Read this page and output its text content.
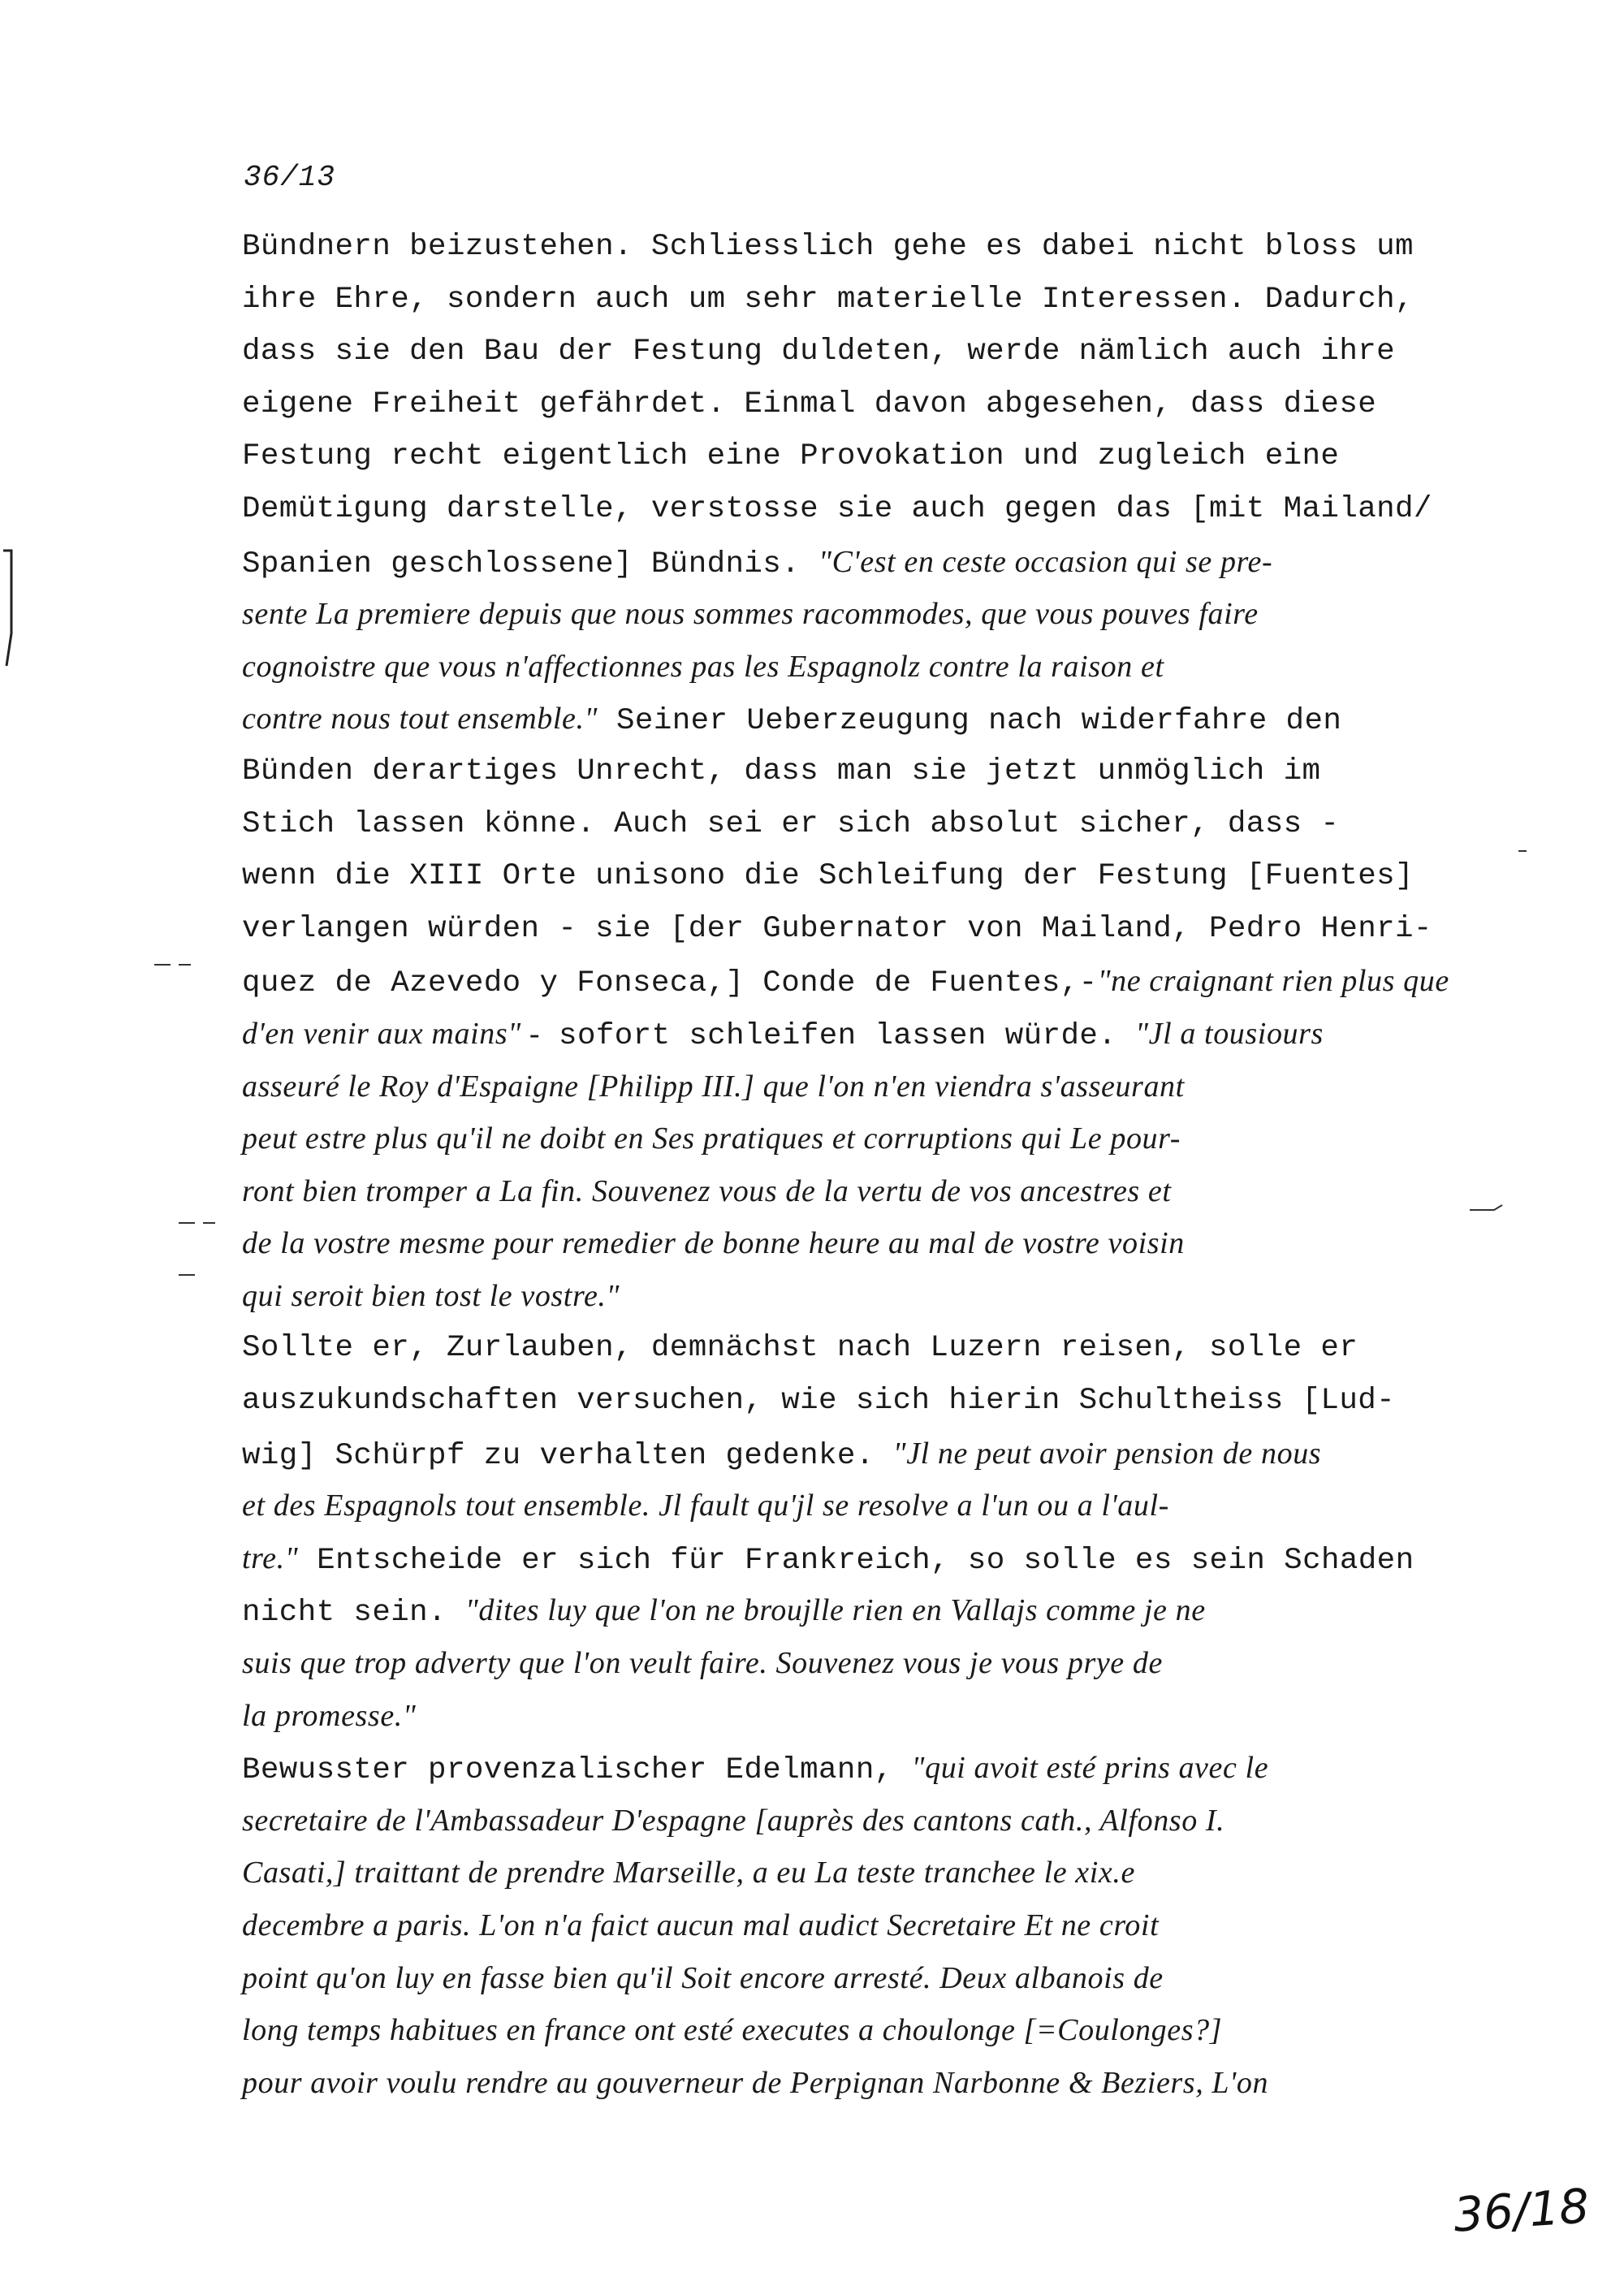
36/13
Bündnern beizustehen. Schliesslich gehe es dabei nicht bloss um
ihre Ehre, sondern auch um sehr materielle Interessen. Dadurch,
dass sie den Bau der Festung duldeten, werde nämlich auch ihre
eigene Freiheit gefährdet. Einmal davon abgesehen, dass diese
Festung recht eigentlich eine Provokation und zugleich eine
Demütigung darstelle, verstosse sie auch gegen das [mit Mailand/
Spanien geschlossene] Bündnis. "C'est en ceste occasion qui se pre-
sente La premiere depuis que nous sommes racommodes, que vous pouves faire
cognoistre que vous n'affectionnes pas les Espagnolz contre la raison et
contre nous tout ensemble." Seiner Ueberzeugung nach widerfahre den
Bünden derartiges Unrecht, dass man sie jetzt unmöglich im
Stich lassen könne. Auch sei er sich absolut sicher, dass -
wenn die XIII Orte unisono die Schleifung der Festung [Fuentes]
verlangen würden - sie [der Gubernator von Mailand, Pedro Henri-
quez de Azevedo y Fonseca,] Conde de Fuentes,-"ne craignant rien plus que
d'en venir aux mains" - sofort schleifen lassen würde. "Jl a tousiours
asseuré le Roy d'Espaigne [Philipp III.] que l'on n'en viendra s'asseurant
peut estre plus qu'il ne doibt en Ses pratiques et corruptions qui Le pour-
ront bien tromper a La fin. Souvenez vous de la vertu de vos ancestres et
de la vostre mesme pour remedier de bonne heure au mal de vostre voisin
qui seroit bien tost le vostre."
Sollte er, Zurlauben, demnächst nach Luzern reisen, solle er
auszukundschaften versuchen, wie sich hierin Schultheiss [Lud-
wig] Schürpf zu verhalten gedenke. "Jl ne peut avoir pension de nous
et des Espagnols tout ensemble. Jl fault qu'jl se resolve a l'un ou a l'aul-
tre." Entscheide er sich für Frankreich, so solle es sein Schaden
nicht sein. "dites luy que l'on ne broujlle rien en Vallajs comme je ne
suis que trop adverty que l'on veult faire. Souvenez vous je vous prye de
la promesse."
Bewusster provenzalischer Edelmann, "qui avoit esté prins avec le
secretaire de l'Ambassadeur D'espagne [auprès des cantons cath., Alfonso I.
Casati,] traittant de prendre Marseille, a eu La teste tranchee le xix.e
decembre a paris. L'on n'a faict aucun mal audict Secretaire Et ne croit
point qu'on luy en fasse bien qu'il Soit encore arresté. Deux albanois de
long temps habitues en france ont esté executes a choulonge [=Coulonges?]
pour avoir voulu rendre au gouverneur de Perpignan Narbonne & Beziers, L'on
36/18
